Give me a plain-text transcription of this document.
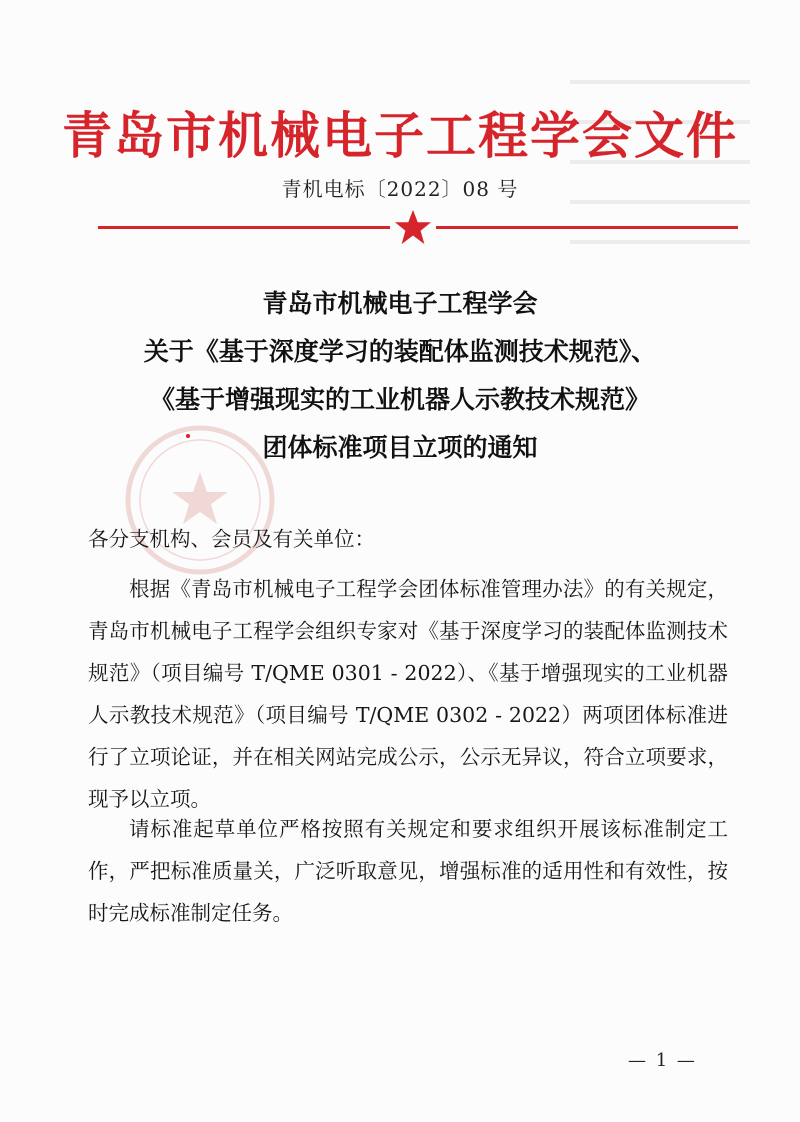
青岛市机械电子工程学会文件
青机电标〔2022〕08 号
青岛市机械电子工程学会
关于《基于深度学习的装配体监测技术规范》、
《基于增强现实的工业机器人示教技术规范》
团体标准项目立项的通知
各分支机构、会员及有关单位：
根据《青岛市机械电子工程学会团体标准管理办法》的有关规定，青岛市机械电子工程学会组织专家对《基于深度学习的装配体监测技术规范》（项目编号 T/QME 0301 - 2022）、《基于增强现实的工业机器人示教技术规范》（项目编号 T/QME 0302 - 2022）两项团体标准进行了立项论证，并在相关网站完成公示，公示无异议，符合立项要求，现予以立项。
请标准起草单位严格按照有关规定和要求组织开展该标准制定工作，严把标准质量关，广泛听取意见，增强标准的适用性和有效性，按时完成标准制定任务。
— 1 —
